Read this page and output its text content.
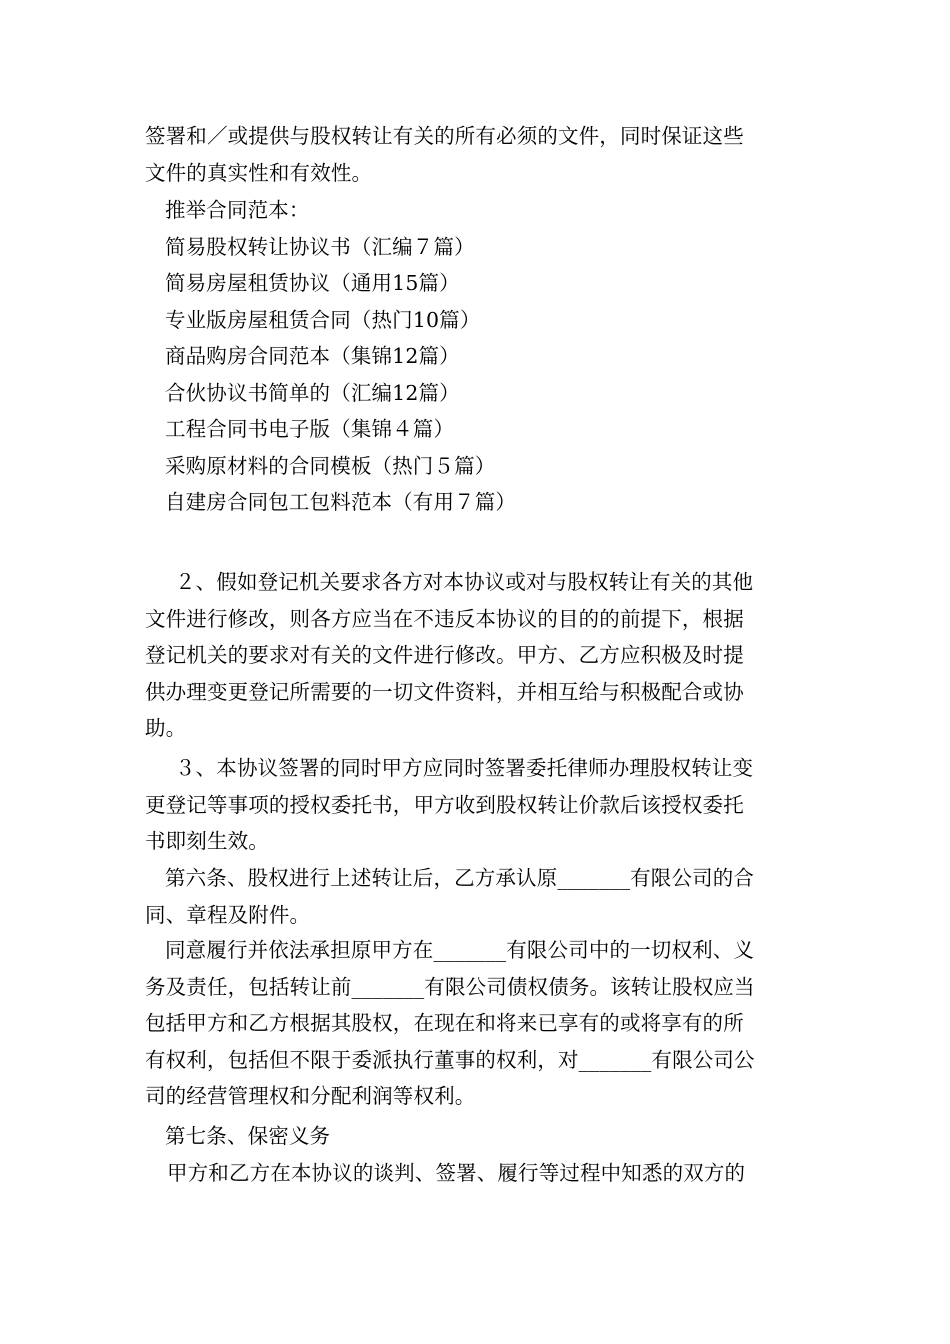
签署和／或提供与股权转让有关的所有必须的文件，同时保证这些
文件的真实性和有效性。
推举合同范本：
简易股权转让协议书（汇编７篇）
简易房屋租赁协议（通用15篇）
专业版房屋租赁合同（热门10篇）
商品购房合同范本（集锦12篇）
合伙协议书简单的（汇编12篇）
工程合同书电子版（集锦４篇）
采购原材料的合同模板（热门５篇）
自建房合同包工包料范本（有用７篇）
２、假如登记机关要求各方对本协议或对与股权转让有关的其他
文件进行修改，则各方应当在不违反本协议的目的的前提下，根据
登记机关的要求对有关的文件进行修改。甲方、乙方应积极及时提
供办理变更登记所需要的一切文件资料，并相互给与积极配合或协
助。
３、本协议签署的同时甲方应同时签署委托律师办理股权转让变
更登记等事项的授权委托书，甲方收到股权转让价款后该授权委托
书即刻生效。
第六条、股权进行上述转让后，乙方承认原_______有限公司的合
同、章程及附件。
同意履行并依法承担原甲方在_______有限公司中的一切权利、义
务及责任，包括转让前_______有限公司债权债务。该转让股权应当
包括甲方和乙方根据其股权，在现在和将来已享有的或将享有的所
有权利，包括但不限于委派执行董事的权利，对_______有限公司公
司的经营管理权和分配利润等权利。
第七条、保密义务
甲方和乙方在本协议的谈判、签署、履行等过程中知悉的双方的
